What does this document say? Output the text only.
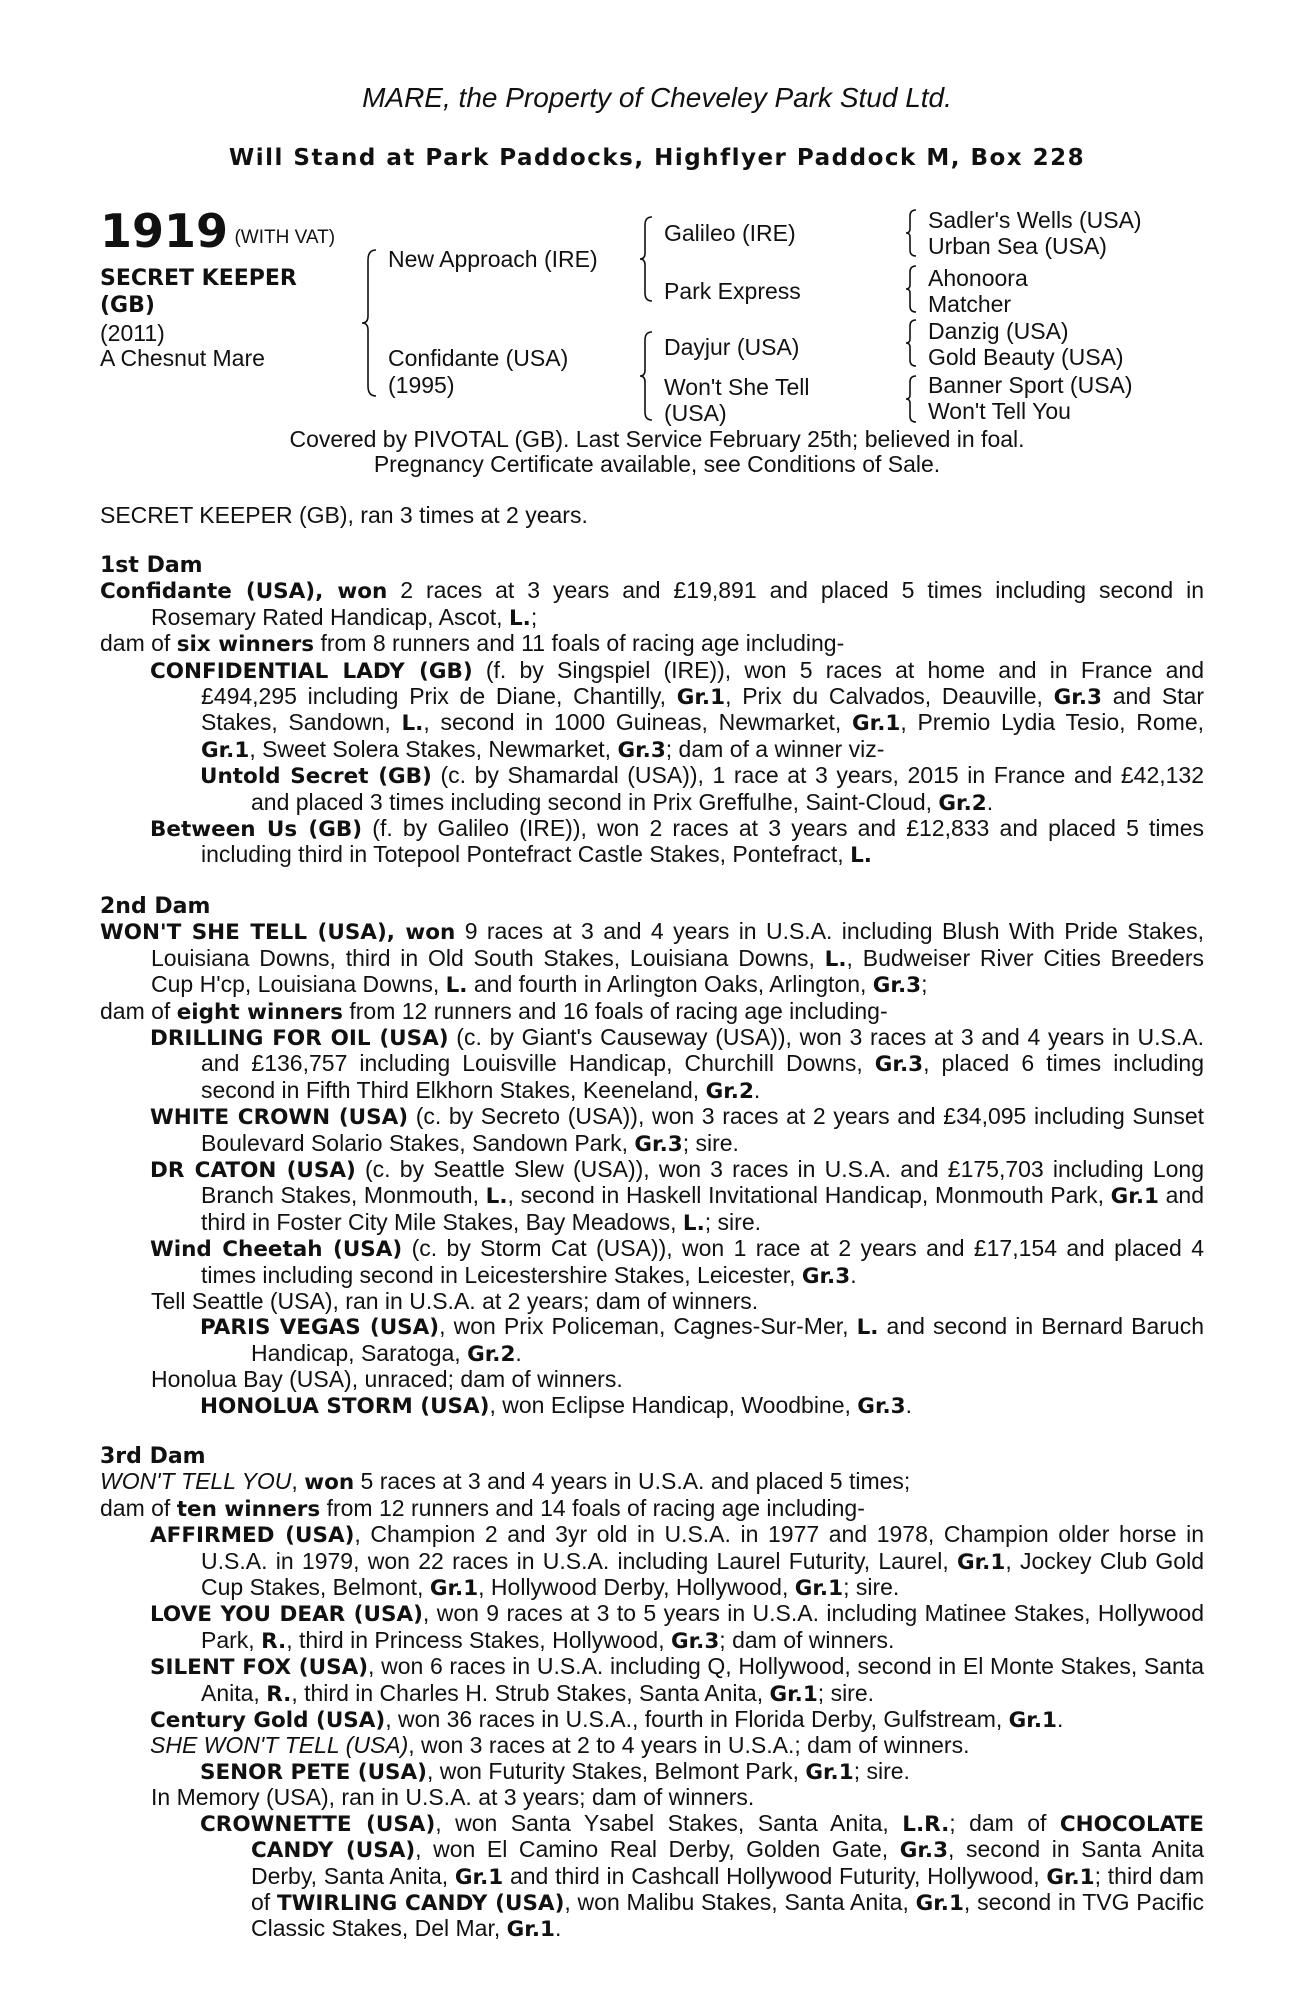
MARE, the Property of Cheveley Park Stud Ltd.
Will Stand at Park Paddocks, Highflyer Paddock M, Box 228
1919 (WITH VAT)
SECRET KEEPER
(GB)
(2011)
A Chesnut Mare
New Approach (IRE)
Confidante (USA)
(1995)
Galileo (IRE)
Park Express
Dayjur (USA)
Won't She Tell
(USA)
Sadler's Wells (USA)
Urban Sea (USA)
Ahonoora
Matcher
Danzig (USA)
Gold Beauty (USA)
Banner Sport (USA)
Won't Tell You
Covered by PIVOTAL (GB). Last Service February 25th; believed in foal.
Pregnancy Certificate available, see Conditions of Sale.
SECRET KEEPER (GB), ran 3 times at 2 years.

1st Dam

Confidante (USA), won 2 races at 3 years and £19,891 and placed 5 times including second in Rosemary Rated Handicap, Ascot, L.;

dam of six winners from 8 runners and 11 foals of racing age including-

CONFIDENTIAL LADY (GB) (f. by Singspiel (IRE)), won 5 races at home and in France and £494,295 including Prix de Diane, Chantilly, Gr.1, Prix du Calvados, Deauville, Gr.3 and Star Stakes, Sandown, L., second in 1000 Guineas, Newmarket, Gr.1, Premio Lydia Tesio, Rome, Gr.1, Sweet Solera Stakes, Newmarket, Gr.3; dam of a winner viz-

Untold Secret (GB) (c. by Shamardal (USA)), 1 race at 3 years, 2015 in France and £42,132 and placed 3 times including second in Prix Greffulhe, Saint-Cloud, Gr.2.

Between Us (GB) (f. by Galileo (IRE)), won 2 races at 3 years and £12,833 and placed 5 times including third in Totepool Pontefract Castle Stakes, Pontefract, L.

2nd Dam

WON'T SHE TELL (USA), won 9 races at 3 and 4 years in U.S.A. including Blush With Pride Stakes, Louisiana Downs, third in Old South Stakes, Louisiana Downs, L., Budweiser River Cities Breeders Cup H'cp, Louisiana Downs, L. and fourth in Arlington Oaks, Arlington, Gr.3;

dam of eight winners from 12 runners and 16 foals of racing age including-

DRILLING FOR OIL (USA) (c. by Giant's Causeway (USA)), won 3 races at 3 and 4 years in U.S.A. and £136,757 including Louisville Handicap, Churchill Downs, Gr.3, placed 6 times including second in Fifth Third Elkhorn Stakes, Keeneland, Gr.2.

WHITE CROWN (USA) (c. by Secreto (USA)), won 3 races at 2 years and £34,095 including Sunset Boulevard Solario Stakes, Sandown Park, Gr.3; sire.

DR CATON (USA) (c. by Seattle Slew (USA)), won 3 races in U.S.A. and £175,703 including Long Branch Stakes, Monmouth, L., second in Haskell Invitational Handicap, Monmouth Park, Gr.1 and third in Foster City Mile Stakes, Bay Meadows, L.; sire.

Wind Cheetah (USA) (c. by Storm Cat (USA)), won 1 race at 2 years and £17,154 and placed 4 times including second in Leicestershire Stakes, Leicester, Gr.3.

Tell Seattle (USA), ran in U.S.A. at 2 years; dam of winners.

PARIS VEGAS (USA), won Prix Policeman, Cagnes-Sur-Mer, L. and second in Bernard Baruch Handicap, Saratoga, Gr.2.

Honolua Bay (USA), unraced; dam of winners.

HONOLUA STORM (USA), won Eclipse Handicap, Woodbine, Gr.3.

3rd Dam

WON'T TELL YOU, won 5 races at 3 and 4 years in U.S.A. and placed 5 times;

dam of ten winners from 12 runners and 14 foals of racing age including-

AFFIRMED (USA), Champion 2 and 3yr old in U.S.A. in 1977 and 1978, Champion older horse in U.S.A. in 1979, won 22 races in U.S.A. including Laurel Futurity, Laurel, Gr.1, Jockey Club Gold Cup Stakes, Belmont, Gr.1, Hollywood Derby, Hollywood, Gr.1; sire.

LOVE YOU DEAR (USA), won 9 races at 3 to 5 years in U.S.A. including Matinee Stakes, Hollywood Park, R., third in Princess Stakes, Hollywood, Gr.3; dam of winners.

SILENT FOX (USA), won 6 races in U.S.A. including Q, Hollywood, second in El Monte Stakes, Santa Anita, R., third in Charles H. Strub Stakes, Santa Anita, Gr.1; sire.

Century Gold (USA), won 36 races in U.S.A., fourth in Florida Derby, Gulfstream, Gr.1.

SHE WON'T TELL (USA), won 3 races at 2 to 4 years in U.S.A.; dam of winners.

SENOR PETE (USA), won Futurity Stakes, Belmont Park, Gr.1; sire.

In Memory (USA), ran in U.S.A. at 3 years; dam of winners.

CROWNETTE (USA), won Santa Ysabel Stakes, Santa Anita, L.R.; dam of CHOCOLATE CANDY (USA), won El Camino Real Derby, Golden Gate, Gr.3, second in Santa Anita Derby, Santa Anita, Gr.1 and third in Cashcall Hollywood Futurity, Hollywood, Gr.1; third dam of TWIRLING CANDY (USA), won Malibu Stakes, Santa Anita, Gr.1, second in TVG Pacific Classic Stakes, Del Mar, Gr.1.
